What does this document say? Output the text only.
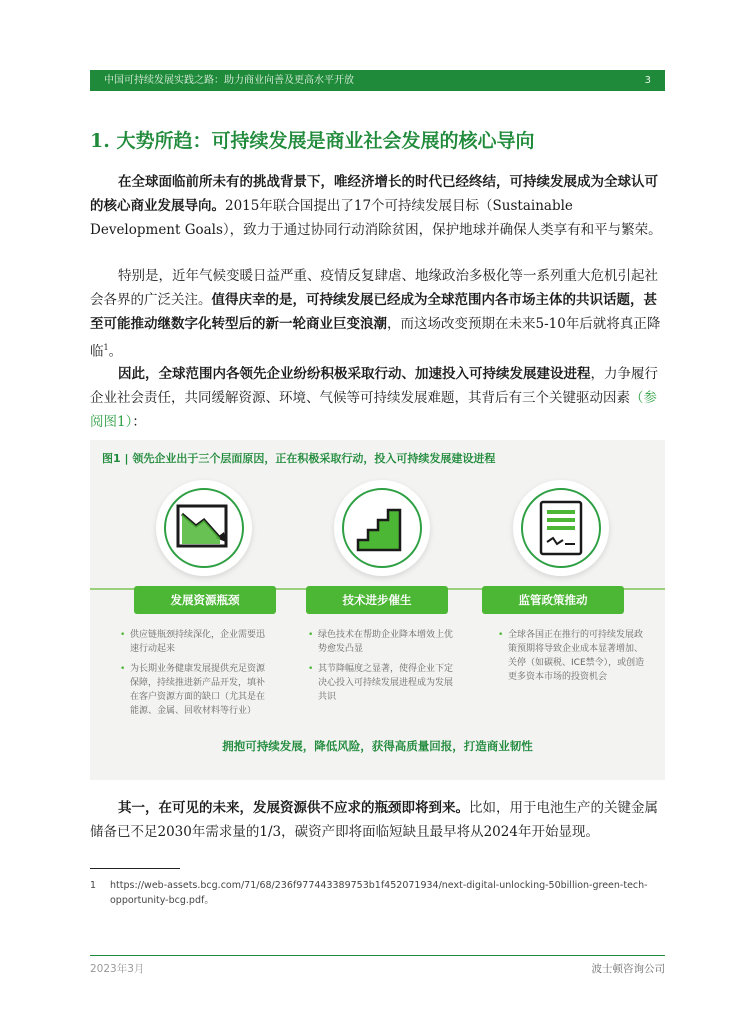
中国可持续发展实践之路：助力商业向善及更高水平开放	3
1. 大势所趋：可持续发展是商业社会发展的核心导向

在全球面临前所未有的挑战背景下，唯经济增长的时代已经终结，可持续发展成为全球认可的核心商业发展导向。2015年联合国提出了17个可持续发展目标（Sustainable Development Goals），致力于通过协同行动消除贫困，保护地球并确保人类享有和平与繁荣。

特别是，近年气候变暖日益严重、疫情反复肆虐、地缘政治多极化等一系列重大危机引起社会各界的广泛关注。值得庆幸的是，可持续发展已经成为全球范围内各市场主体的共识话题，甚至可能推动继数字化转型后的新一轮商业巨变浪潮，而这场改变预期在未来5-10年后就将真正降临$^1$。

因此，全球范围内各领先企业纷纷积极采取行动、加速投入可持续发展建设进程，力争履行企业社会责任，共同缓解资源、环境、气候等可持续发展难题，其背后有三个关键驱动因素（参阅图1）：

图1 | 领先企业出于三个层面原因，正在积极采取行动，投入可持续发展建设进程
发展资源瓶颈	技术进步催生	监管政策推动
• 供应链瓶颈持续深化，企业需要迅速行动起来
• 为长期业务健康发展提供充足资源保障，持续推进新产品开发，填补在客户资源方面的缺口（尤其是在能源、金属、回收材料等行业）
• 绿色技术在帮助企业降本增效上优势愈发凸显
• 其节降幅度之显著，使得企业下定决心投入可持续发展进程成为发展共识
• 全球各国正在推行的可持续发展政策预期将导致企业成本显著增加、关停（如碳税、ICE禁令），或创造更多资本市场的投资机会
拥抱可持续发展，降低风险，获得高质量回报，打造商业韧性

其一，在可见的未来，发展资源供不应求的瓶颈即将到来。比如，用于电池生产的关键金属储备已不足2030年需求量的1/3，碳资产即将面临短缺且最早将从2024年开始显现。

1 https://web-assets.bcg.com/71/68/236f977443389753b1f452071934/next-digital-unlocking-50billion-green-tech-opportunity-bcg.pdf。
2023年3月	波士顿咨询公司
